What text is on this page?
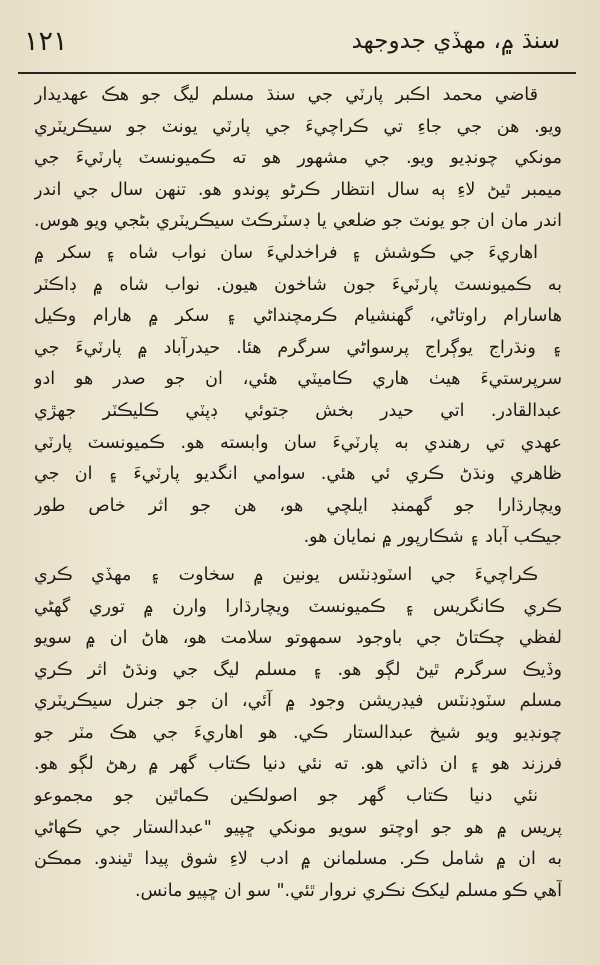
سنڌ ۾، مهڏي جدوجهد
١٢١
قاضي محمد اڪبر پارٽي جي سنڌ مسلم ليگ جو هڪ عهديدار
ويو. هن جي جاءِ تي ڪراچيءَ جي پارٽي يونٽ جو سيڪريٽري
مونکي چونڊيو ويو. جي مشهور هو ته ڪميونسٽ پارٽيءَ جي
ميمبر ٿيڻ لاءِ ٻه سال انتظار ڪرڻو پوندو هو. تنهن سال جي اندر
اندر مان ان جو يونٽ جو ضلعي يا ڊسٽرڪٽ سيڪريٽري بڻجي ويو هوس.
اهاريءَ جي ڪوشش ۽ فراخدليءَ سان نواب شاه ۽ سکر ۾
به ڪميونسٽ پارٽيءَ جون شاخون هيون. نواب شاه ۾ ڊاڪٽر
هاسارام راوتاڻي، گهنشيام ڪرمچنداڻي ۽ سکر ۾ هارام وڪيل
۽ ونڌراج يوڳراج پرسواڻي سرگرم هئا. حيدرآباد ۾ پارٽيءَ جي
سرپرستيءَ هيٺ هاري ڪاميٽي هئي، ان جو صدر هو ادو
عبدالقادر. اتي حيدر بخش جتوئي ڊپٽي ڪليڪٽر جهڙي
عهدي تي رهندي به پارٽيءَ سان وابسته هو. ڪميونسٽ پارٽي
ظاهري ونڌڻ ڪري ئي هئي. سوامي انگديو پارٽيءَ ۽ ان جي
ويچارڌارا جو گهمنڊ ايلچي هو، هن جو اثر خاص طور
جيڪب آباد ۽ شڪارپور ۾ نمايان هو.
ڪراچيءَ جي اسٽوڊنٽس يونين ۾ سخاوت ۽ مهڏي ڪري
ڪري ڪانگريس ۽ ڪميونسٽ ويچارڌارا وارن ۾ توري گهڻي
لفظي چڪتاڻ جي باوجود سمهوتو سلامت هو، هاڻ ان ۾ سويو
وڏيڪ سرگرم ٿيڻ لڳو هو. ۽ مسلم ليگ جي ونڌڻ اثر ڪري
مسلم سٽوڊنٽس فيڊريشن وجود ۾ آئي، ان جو جنرل سيڪريٽري
چونڊيو ويو شيخ عبدالستار ڪي. هو اهاريءَ جي هڪ مٽر جو
فرزند هو ۽ ان ذاتي هو. ته نئي دنيا ڪتاب گهر ۾ رهڻ لڳو هو.
نئي دنيا ڪتاب گهر جو اصولڪين ڪماٿين جو مجموعو
پريس ۾ هو جو اوچتو سويو مونکي ڇپيو "عبدالستار جي ڪهاڻي
به ان ۾ شامل ڪر. مسلمانن ۾ ادب لاءِ شوق پيدا ٿيندو. ممڪن
آهي ڪو مسلم ليکڪ نڪري نروار ٿئي." سو ان ڇپيو مانس.
